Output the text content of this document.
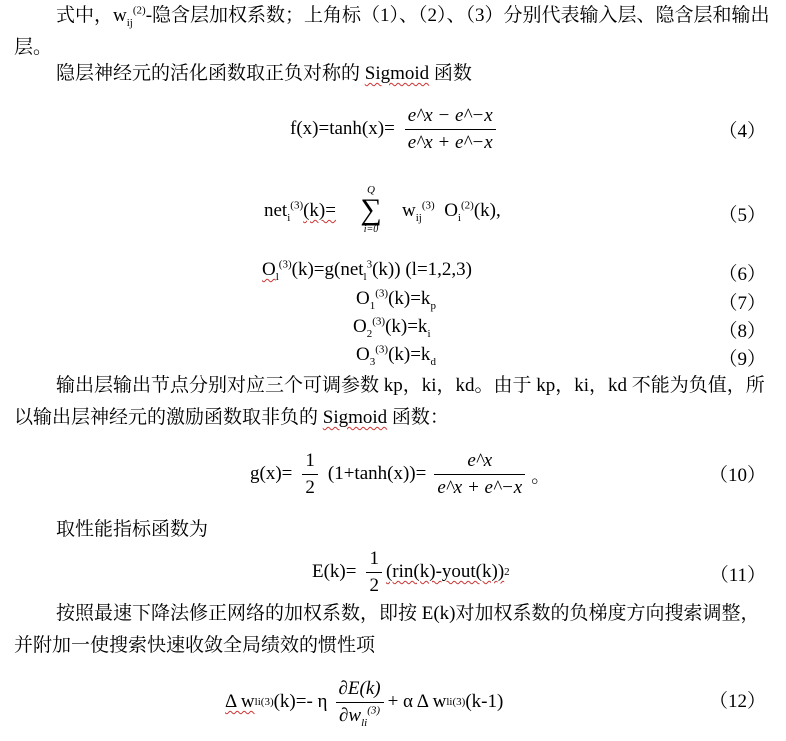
式中，$w_{ij}^{(2)}-$隐含层加权系数；上角标（1）、（2）、（3）分别代表输入层、隐含层和输出层。
隐层神经元的活化函数取正负对称的 Sigmoid 函数
$f(x)=\tanh(x)= \frac{e\^{}x - e\^{}-x}{e\^{}x + e\^{}-x}$	（4）
net$_i^{(3)}$(k)=
Q
∑
i=0
$w_{ij}^{(3)}$ $O_i^{(2)}(k)$,	（5）
$O_l^{(3)}(k)=g(net_l^3(k))$ (l=1,2,3)	（6）
$O_1^{(3)}(k)=k_p$	（7）
$O_2^{(3)}(k)=k_i$	（8）
$O_3^{(3)}(k)=k_d$	（9）
输出层输出节点分别对应三个可调参数 kp，ki，kd。由于 kp，ki，kd 不能为负值，所以输出层神经元的激励函数取非负的 Sigmoid 函数：
$g(x)= \frac{1}{2} (1+\tanh(x))= \frac{e\^{}x}{e\^{}x + e\^{}-x}$ 。	（10）
取性能指标函数为
$E(k)= \frac{1}{2}$ (rin(k)-yout(k)) 2	（11）
按照最速下降法修正网络的加权系数，即按 E(k)对加权系数的负梯度方向搜索调整，并附加一使搜索快速收敛全局绩效的惯性项
Δ w li (3) (k)=- η $\frac{\partial E(k)}{\partial w_{li}^{(3)}} + \alpha$ Δ w li (3) (k-1)	（12）
